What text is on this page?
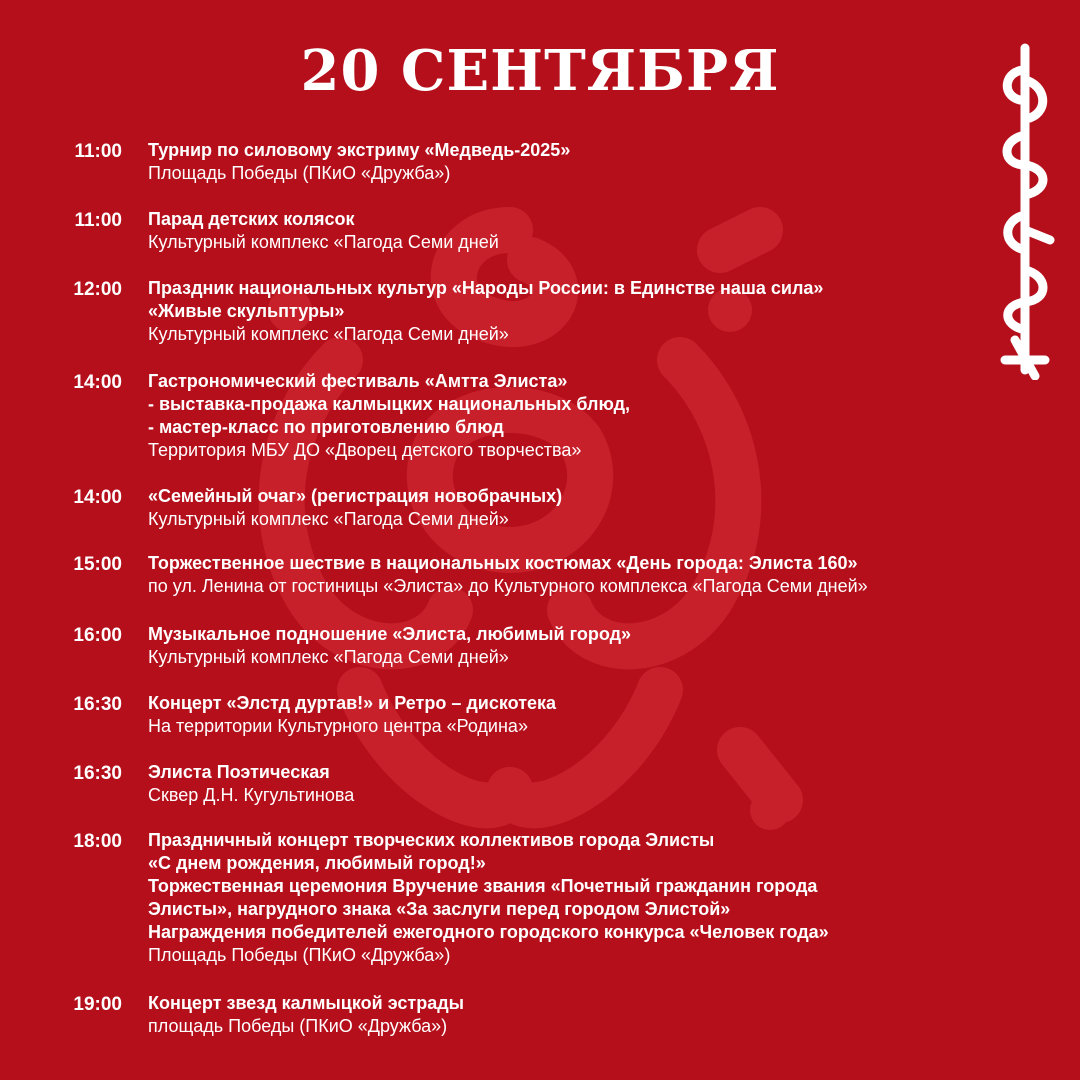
20 СЕНТЯБРЯ
11:00 Турнир по силовому экстриму «Медведь-2025»
Площадь Победы (ПКиО «Дружба»)
11:00 Парад детских колясок
Культурный комплекс «Пагода Семи дней
12:00 Праздник национальных культур «Народы России: в Единстве наша сила»
«Живые скульптуры»
Культурный комплекс «Пагода Семи дней»
14:00 Гастрономический фестиваль «Амтта Элиста»
- выставка-продажа калмыцких национальных блюд,
- мастер-класс по приготовлению блюд
Территория МБУ ДО «Дворец детского творчества»
14:00 «Семейный очаг» (регистрация новобрачных)
Культурный комплекс «Пагода Семи дней»
15:00 Торжественное шествие в национальных костюмах «День города: Элиста 160»
по ул. Ленина от гостиницы «Элиста» до Культурного комплекса «Пагода Семи дней»
16:00 Музыкальное подношение «Элиста, любимый город»
Культурный комплекс «Пагода Семи дней»
16:30 Концерт «Элстд дуртав!» и Ретро – дискотека
На территории Культурного центра «Родина»
16:30 Элиста Поэтическая
Сквер Д.Н. Кугультинова
18:00 Праздничный концерт творческих коллективов города Элисты
«С днем рождения, любимый город!»
Торжественная церемония Вручение звания «Почетный гражданин города
Элисты», нагрудного знака «За заслуги перед городом Элистой»
Награждения победителей ежегодного городского конкурса «Человек года»
Площадь Победы (ПКиО «Дружба»)
19:00 Концерт звезд калмыцкой эстрады
площадь Победы (ПКиО «Дружба»)
